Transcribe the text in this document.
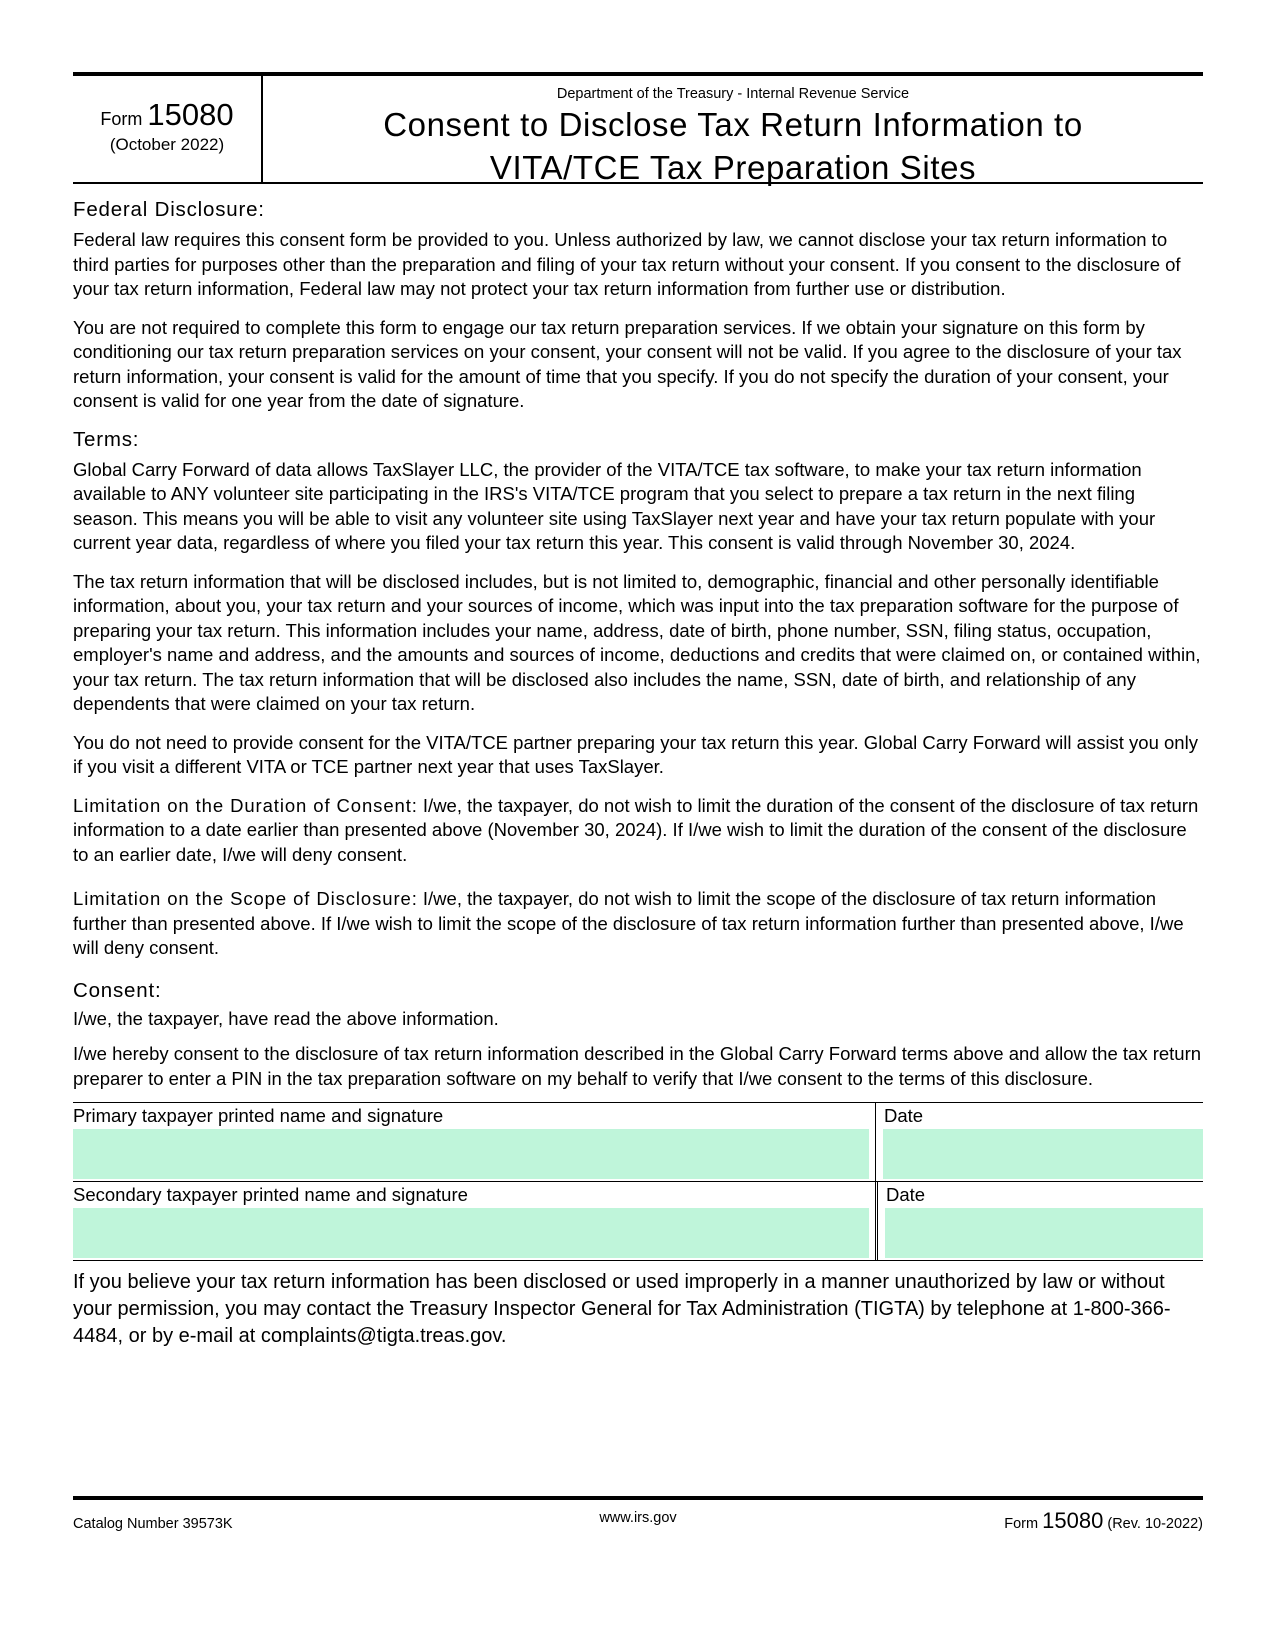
Form 15080
(October 2022)
Department of the Treasury - Internal Revenue Service
Consent to Disclose Tax Return Information to
VITA/TCE Tax Preparation Sites
Federal Disclosure:

Federal law requires this consent form be provided to you. Unless authorized by law, we cannot disclose your tax return information to third parties for purposes other than the preparation and filing of your tax return without your consent. If you consent to the disclosure of your tax return information, Federal law may not protect your tax return information from further use or distribution.

You are not required to complete this form to engage our tax return preparation services. If we obtain your signature on this form by conditioning our tax return preparation services on your consent, your consent will not be valid. If you agree to the disclosure of your tax return information, your consent is valid for the amount of time that you specify. If you do not specify the duration of your consent, your consent is valid for one year from the date of signature.

Terms:

Global Carry Forward of data allows TaxSlayer LLC, the provider of the VITA/TCE tax software, to make your tax return information available to ANY volunteer site participating in the IRS's VITA/TCE program that you select to prepare a tax return in the next filing season. This means you will be able to visit any volunteer site using TaxSlayer next year and have your tax return populate with your current year data, regardless of where you filed your tax return this year. This consent is valid through November 30, 2024.

The tax return information that will be disclosed includes, but is not limited to, demographic, financial and other personally identifiable information, about you, your tax return and your sources of income, which was input into the tax preparation software for the purpose of preparing your tax return. This information includes your name, address, date of birth, phone number, SSN, filing status, occupation, employer's name and address, and the amounts and sources of income, deductions and credits that were claimed on, or contained within, your tax return. The tax return information that will be disclosed also includes the name, SSN, date of birth, and relationship of any dependents that were claimed on your tax return.

You do not need to provide consent for the VITA/TCE partner preparing your tax return this year. Global Carry Forward will assist you only if you visit a different VITA or TCE partner next year that uses TaxSlayer.

Limitation on the Duration of Consent: I/we, the taxpayer, do not wish to limit the duration of the consent of the disclosure of tax return information to a date earlier than presented above (November 30, 2024). If I/we wish to limit the duration of the consent of the disclosure to an earlier date, I/we will deny consent.

Limitation on the Scope of Disclosure: I/we, the taxpayer, do not wish to limit the scope of the disclosure of tax return information further than presented above. If I/we wish to limit the scope of the disclosure of tax return information further than presented above, I/we will deny consent.

Consent:

I/we, the taxpayer, have read the above information.

I/we hereby consent to the disclosure of tax return information described in the Global Carry Forward terms above and allow the tax return preparer to enter a PIN in the tax preparation software on my behalf to verify that I/we consent to the terms of this disclosure.

Primary taxpayer printed name and signature	Date
Secondary taxpayer printed name and signature	Date
If you believe your tax return information has been disclosed or used improperly in a manner unauthorized by law or without your permission, you may contact the Treasury Inspector General for Tax Administration (TIGTA) by telephone at 1-800-366-4484, or by e-mail at complaints@tigta.treas.gov.
Catalog Number 39573K	www.irs.gov	Form 15080 (Rev. 10-2022)
